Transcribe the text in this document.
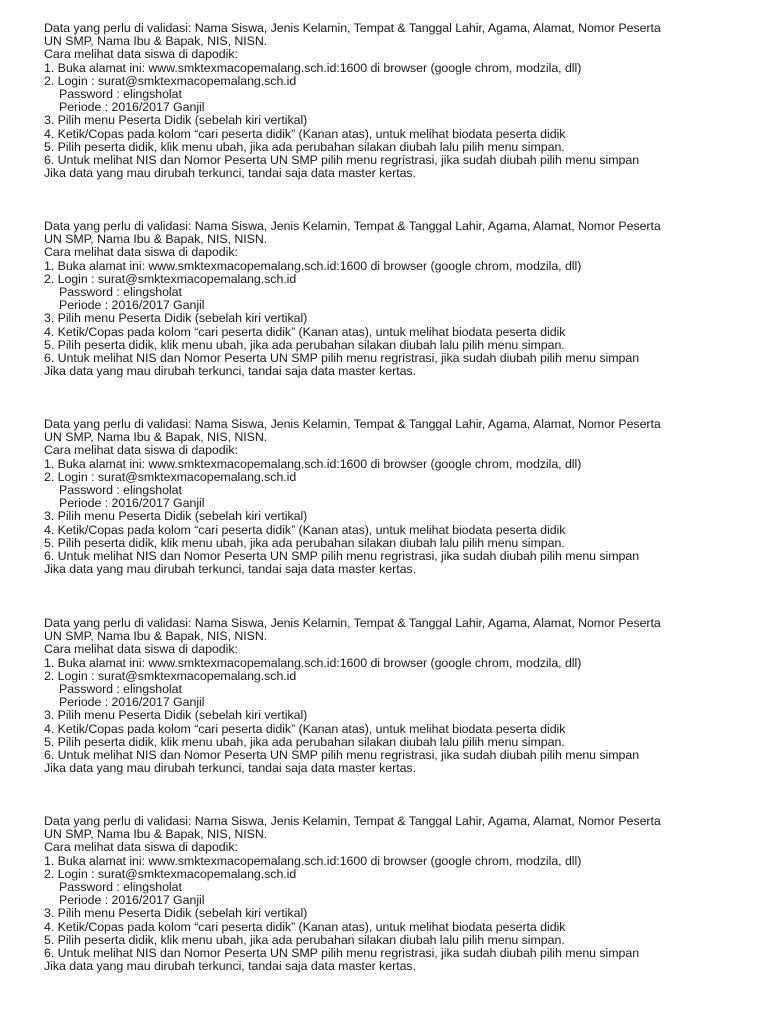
Data yang perlu di validasi: Nama Siswa, Jenis Kelamin, Tempat & Tanggal Lahir, Agama, Alamat, Nomor Peserta
UN SMP, Nama Ibu & Bapak, NIS, NISN.
Cara melihat data siswa di dapodik:
1. Buka alamat ini: www.smktexmacopemalang.sch.id:1600 di browser (google chrom, modzila, dll)
2. Login : surat@smktexmacopemalang.sch.id
Password : elingsholat
Periode : 2016/2017 Ganjil
3. Pilih menu Peserta Didik (sebelah kiri vertikal)
4. Ketik/Copas pada kolom “cari peserta didik” (Kanan atas), untuk melihat biodata peserta didik
5. Pilih peserta didik, klik menu ubah, jika ada perubahan silakan diubah lalu pilih menu simpan.
6. Untuk melihat NIS dan Nomor Peserta UN SMP pilih menu regristrasi, jika sudah diubah pilih menu simpan
Jika data yang mau dirubah terkunci, tandai saja data master kertas.
Data yang perlu di validasi: Nama Siswa, Jenis Kelamin, Tempat & Tanggal Lahir, Agama, Alamat, Nomor Peserta
UN SMP, Nama Ibu & Bapak, NIS, NISN.
Cara melihat data siswa di dapodik:
1. Buka alamat ini: www.smktexmacopemalang.sch.id:1600 di browser (google chrom, modzila, dll)
2. Login : surat@smktexmacopemalang.sch.id
Password : elingsholat
Periode : 2016/2017 Ganjil
3. Pilih menu Peserta Didik (sebelah kiri vertikal)
4. Ketik/Copas pada kolom “cari peserta didik” (Kanan atas), untuk melihat biodata peserta didik
5. Pilih peserta didik, klik menu ubah, jika ada perubahan silakan diubah lalu pilih menu simpan.
6. Untuk melihat NIS dan Nomor Peserta UN SMP pilih menu regristrasi, jika sudah diubah pilih menu simpan
Jika data yang mau dirubah terkunci, tandai saja data master kertas.
Data yang perlu di validasi: Nama Siswa, Jenis Kelamin, Tempat & Tanggal Lahir, Agama, Alamat, Nomor Peserta
UN SMP, Nama Ibu & Bapak, NIS, NISN.
Cara melihat data siswa di dapodik:
1. Buka alamat ini: www.smktexmacopemalang.sch.id:1600 di browser (google chrom, modzila, dll)
2. Login : surat@smktexmacopemalang.sch.id
Password : elingsholat
Periode : 2016/2017 Ganjil
3. Pilih menu Peserta Didik (sebelah kiri vertikal)
4. Ketik/Copas pada kolom “cari peserta didik” (Kanan atas), untuk melihat biodata peserta didik
5. Pilih peserta didik, klik menu ubah, jika ada perubahan silakan diubah lalu pilih menu simpan.
6. Untuk melihat NIS dan Nomor Peserta UN SMP pilih menu regristrasi, jika sudah diubah pilih menu simpan
Jika data yang mau dirubah terkunci, tandai saja data master kertas.
Data yang perlu di validasi: Nama Siswa, Jenis Kelamin, Tempat & Tanggal Lahir, Agama, Alamat, Nomor Peserta
UN SMP, Nama Ibu & Bapak, NIS, NISN.
Cara melihat data siswa di dapodik:
1. Buka alamat ini: www.smktexmacopemalang.sch.id:1600 di browser (google chrom, modzila, dll)
2. Login : surat@smktexmacopemalang.sch.id
Password : elingsholat
Periode : 2016/2017 Ganjil
3. Pilih menu Peserta Didik (sebelah kiri vertikal)
4. Ketik/Copas pada kolom “cari peserta didik” (Kanan atas), untuk melihat biodata peserta didik
5. Pilih peserta didik, klik menu ubah, jika ada perubahan silakan diubah lalu pilih menu simpan.
6. Untuk melihat NIS dan Nomor Peserta UN SMP pilih menu regristrasi, jika sudah diubah pilih menu simpan
Jika data yang mau dirubah terkunci, tandai saja data master kertas.
Data yang perlu di validasi: Nama Siswa, Jenis Kelamin, Tempat & Tanggal Lahir, Agama, Alamat, Nomor Peserta
UN SMP, Nama Ibu & Bapak, NIS, NISN.
Cara melihat data siswa di dapodik:
1. Buka alamat ini: www.smktexmacopemalang.sch.id:1600 di browser (google chrom, modzila, dll)
2. Login : surat@smktexmacopemalang.sch.id
Password : elingsholat
Periode : 2016/2017 Ganjil
3. Pilih menu Peserta Didik (sebelah kiri vertikal)
4. Ketik/Copas pada kolom “cari peserta didik” (Kanan atas), untuk melihat biodata peserta didik
5. Pilih peserta didik, klik menu ubah, jika ada perubahan silakan diubah lalu pilih menu simpan.
6. Untuk melihat NIS dan Nomor Peserta UN SMP pilih menu regristrasi, jika sudah diubah pilih menu simpan
Jika data yang mau dirubah terkunci, tandai saja data master kertas.
